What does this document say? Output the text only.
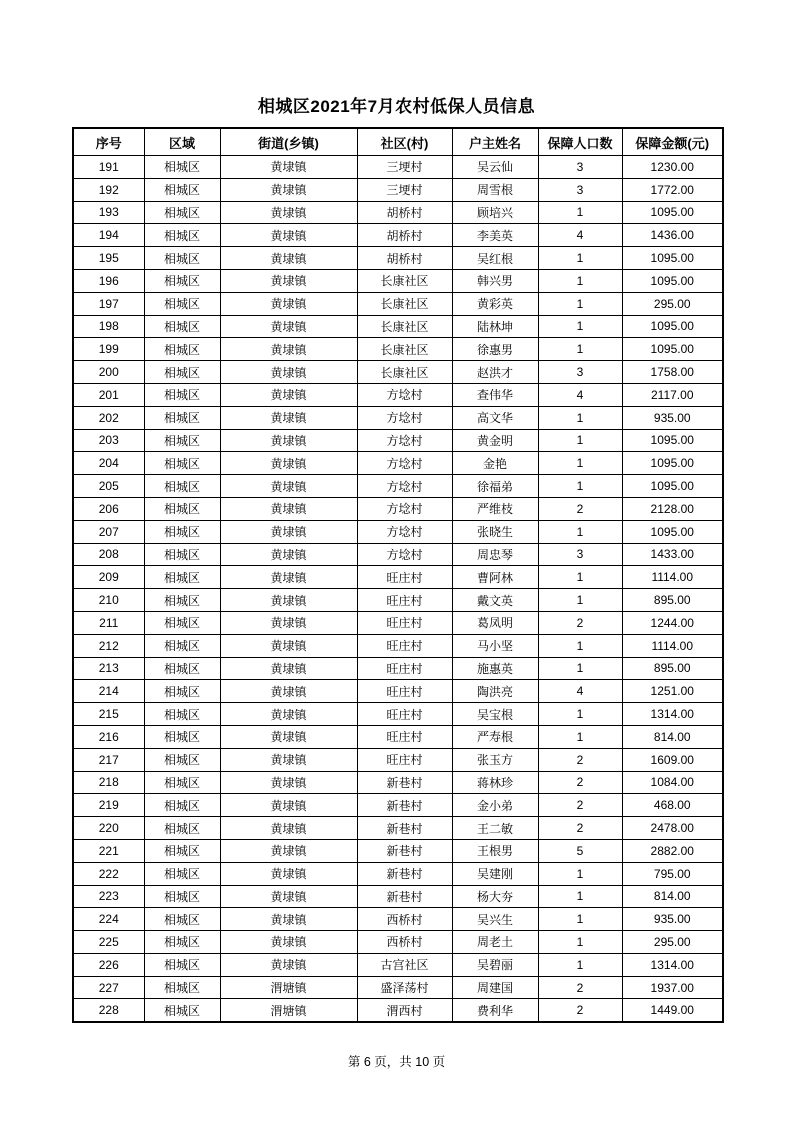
相城区2021年7月农村低保人员信息
序号	区域	街道(乡镇)	社区(村)	户主姓名	保障人口数	保障金额(元)
191	相城区	黄埭镇	三埂村	吴云仙	3	1230.00
192	相城区	黄埭镇	三埂村	周雪根	3	1772.00
193	相城区	黄埭镇	胡桥村	顾培兴	1	1095.00
194	相城区	黄埭镇	胡桥村	李美英	4	1436.00
195	相城区	黄埭镇	胡桥村	吴红根	1	1095.00
196	相城区	黄埭镇	长康社区	韩兴男	1	1095.00
197	相城区	黄埭镇	长康社区	黄彩英	1	295.00
198	相城区	黄埭镇	长康社区	陆林坤	1	1095.00
199	相城区	黄埭镇	长康社区	徐惠男	1	1095.00
200	相城区	黄埭镇	长康社区	赵洪才	3	1758.00
201	相城区	黄埭镇	方埝村	查伟华	4	2117.00
202	相城区	黄埭镇	方埝村	高文华	1	935.00
203	相城区	黄埭镇	方埝村	黄金明	1	1095.00
204	相城区	黄埭镇	方埝村	金艳	1	1095.00
205	相城区	黄埭镇	方埝村	徐福弟	1	1095.00
206	相城区	黄埭镇	方埝村	严维枝	2	2128.00
207	相城区	黄埭镇	方埝村	张晓生	1	1095.00
208	相城区	黄埭镇	方埝村	周忠琴	3	1433.00
209	相城区	黄埭镇	旺庄村	曹阿林	1	1114.00
210	相城区	黄埭镇	旺庄村	戴文英	1	895.00
211	相城区	黄埭镇	旺庄村	葛凤明	2	1244.00
212	相城区	黄埭镇	旺庄村	马小坚	1	1114.00
213	相城区	黄埭镇	旺庄村	施惠英	1	895.00
214	相城区	黄埭镇	旺庄村	陶洪亮	4	1251.00
215	相城区	黄埭镇	旺庄村	吴宝根	1	1314.00
216	相城区	黄埭镇	旺庄村	严寿根	1	814.00
217	相城区	黄埭镇	旺庄村	张玉方	2	1609.00
218	相城区	黄埭镇	新巷村	蒋林珍	2	1084.00
219	相城区	黄埭镇	新巷村	金小弟	2	468.00
220	相城区	黄埭镇	新巷村	王二敏	2	2478.00
221	相城区	黄埭镇	新巷村	王根男	5	2882.00
222	相城区	黄埭镇	新巷村	吴建刚	1	795.00
223	相城区	黄埭镇	新巷村	杨大夯	1	814.00
224	相城区	黄埭镇	西桥村	吴兴生	1	935.00
225	相城区	黄埭镇	西桥村	周老土	1	295.00
226	相城区	黄埭镇	古宫社区	吴碧丽	1	1314.00
227	相城区	渭塘镇	盛泽荡村	周建国	2	1937.00
228	相城区	渭塘镇	渭西村	费利华	2	1449.00
第 6 页，共 10 页
